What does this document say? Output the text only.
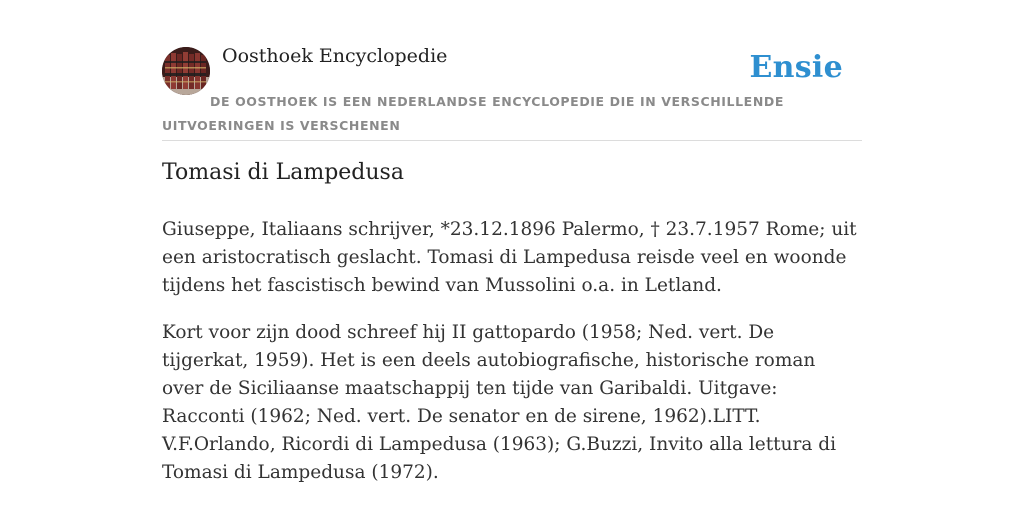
Oosthoek Encyclopedie	Ensie
DE OOSTHOEK IS EEN NEDERLANDSE ENCYCLOPEDIE DIE IN VERSCHILLENDE UITVOERINGEN IS VERSCHENEN
Tomasi di Lampedusa

Giuseppe, Italiaans schrijver, *23.12.1896 Palermo, † 23.7.1957 Rome; uit een aristocratisch geslacht. Tomasi di Lampedusa reisde veel en woonde tijdens het fascistisch bewind van Mussolini o.a. in Letland.

Kort voor zijn dood schreef hij II gattopardo (1958; Ned. vert. De tijgerkat, 1959). Het is een deels autobiografische, historische roman over de Siciliaanse maatschappij ten tijde van Garibaldi. Uitgave: Racconti (1962; Ned. vert. De senator en de sirene, 1962).LITT. V.F.Orlando, Ricordi di Lampedusa (1963); G.Buzzi, Invito alla lettura di Tomasi di Lampedusa (1972).
